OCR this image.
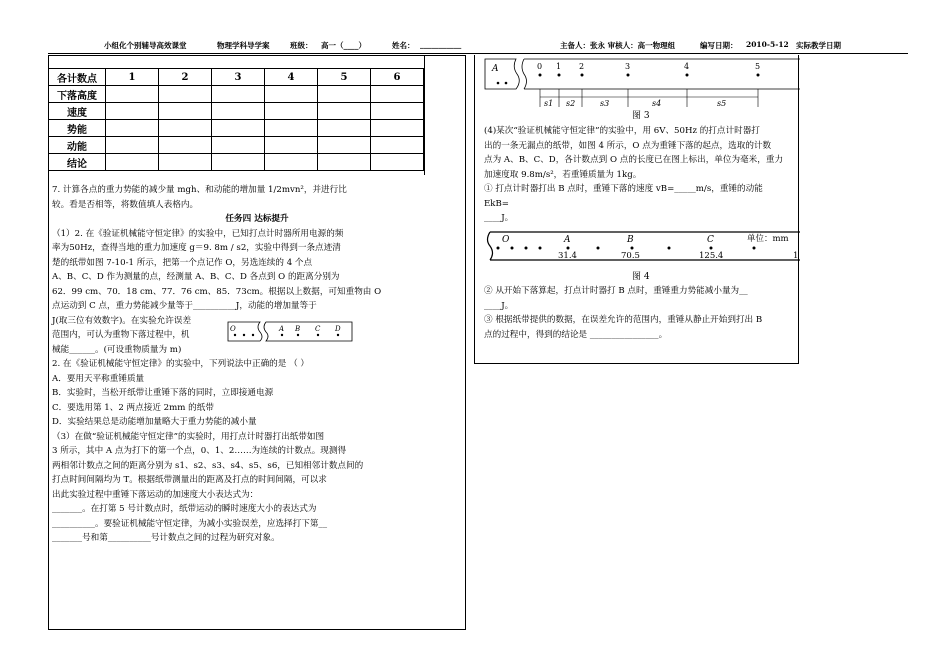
小组化个别辅导高效课堂	物理学科导学案	班级： 高一（____）	姓名： ___________	主备人：张永 审核人：高一物理组	编写日期： 2010-5-12 实际教学日期
各计数点	1	2	3	4	5	6
下落高度						
速度						
势能						
动能						
结论						

7. 计算各点的重力势能的减少量 mgh、和动能的增加量 1/2mvn²，并进行比

较。看是否相等，将数值填人表格内。

任务四 达标提升

（1）2. 在《验证机械能守恒定律》的实验中，已知打点计时器所用电源的频

率为50Hz，查得当地的重力加速度 g＝9. 8m / s2，实验中得到一条点迹清

楚的纸带如图 7-10-1 所示，把第一个点记作 O，另选连续的 4 个点

A、B、C、D 作为测量的点，经测量 A、B、C、D 各点到 O 的距离分别为

62．99 cm、70．18 cm、77．76 cm、85．73cm。根据以上数据，可知重物由 O

点运动到 C 点，重力势能减少量等于__________J，动能的增加量等于

J(取三位有效数字)。在实验允许误差

范围内，可认为重物下落过程中，机

械能______。(可设重物质量为 m)

2. 在《验证机械能守恒定律》的实验中，下列说法中正确的是 （ ）

A．要用天平称重锤质量

B．实验时，当松开纸带让重锤下落的同时，立即接通电源

C．要选用第 1、2 两点接近 2mm 的纸带

D．实验结果总是动能增加量略大于重力势能的减小量

（3）在做“验证机械能守恒定律”的实验时，用打点计时器打出纸带如图

3 所示，其中 A 点为打下的第一个点，0、1、2……为连续的计数点。现测得

两相邻计数点之间的距离分别为 s1、s2、s3、s4、s5、s6，已知相邻计数点间的

打点时间间隔均为 T。根据纸带测量出的距离及打点的时间间隔，可以求

出此实验过程中重锤下落运动的加速度大小表达式为：

_______。在打第 5 号计数点时，纸带运动的瞬时速度大小的表达式为

__________。要验证机械能守恒定律，为减小实验误差，应选择打下第__

_______号和第__________号计数点之间的过程为研究对象。

O	A B C D
A	0 1 2	3	4	5
s1 s2	s3	s4	s5
图 3

(4)某次“验证机械能守恒定律”的实验中，用 6V、50Hz 的打点计时器打

出的一条无漏点的纸带，如图 4 所示，O 点为重锤下落的起点，选取的计数

点为 A、B、C、D，各计数点到 O 点的长度已在图上标出，单位为毫米，重力

加速度取 9.8m/s²，若重锤质量为 1kg。

① 打点计时器打出 B 点时，重锤下落的速度 vB=_____m/s，重锤的动能

EkB=

____J。

O	A	B	C	单位：mm
31.4	70.5	125.4	1
图 4

② 从开始下落算起，打点计时器打 B 点时，重锤重力势能减小量为__

____J。

③ 根据纸带提供的数据，在误差允许的范围内，重锤从静止开始到打出 B

点的过程中，得到的结论是 ________________。
